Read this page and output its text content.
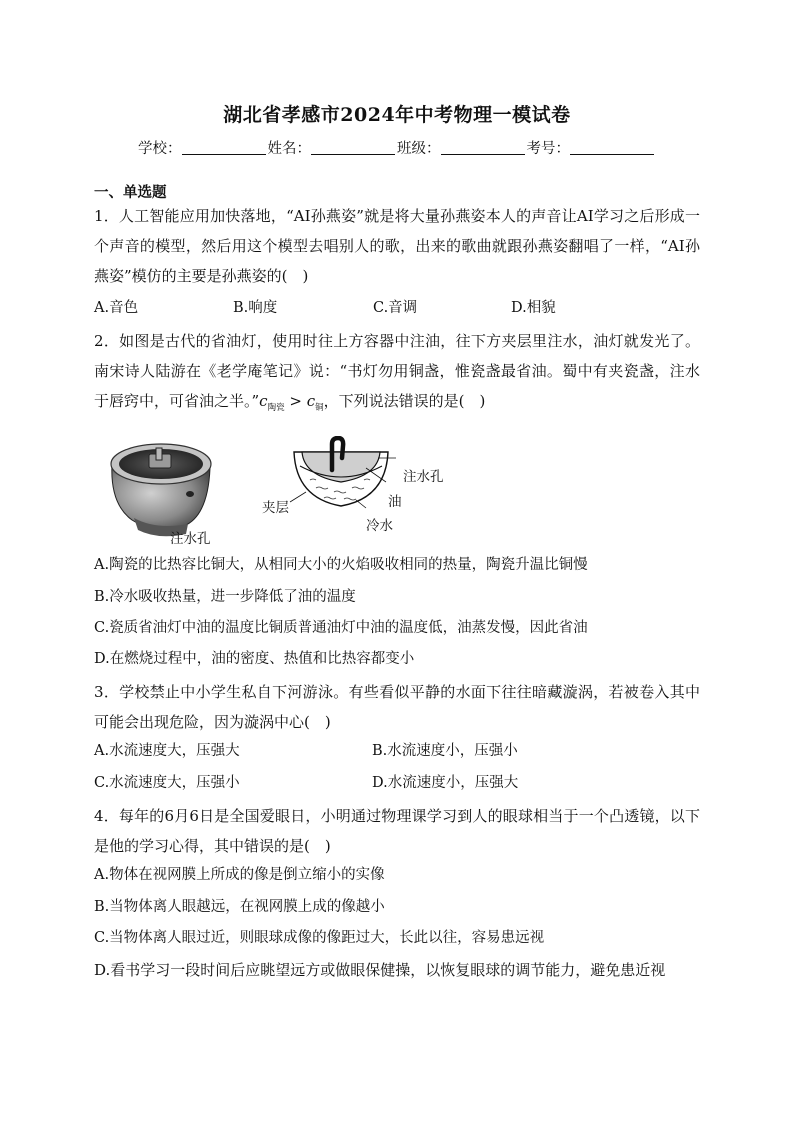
湖北省孝感市2024年中考物理一模试卷
学校：	姓名：	班级：	考号：
一、单选题
1．人工智能应用加快落地，“AI孙燕姿”就是将大量孙燕姿本人的声音让AI学习之后形成一个声音的模型，然后用这个模型去唱别人的歌，出来的歌曲就跟孙燕姿翻唱了一样，“AI孙燕姿”模仿的主要是孙燕姿的(　)
A.音色	B.响度	C.音调	D.相貌
2．如图是古代的省油灯，使用时往上方容器中注油，往下方夹层里注水，油灯就发光了。南宋诗人陆游在《老学庵笔记》说：“书灯勿用铜盏，惟瓷盏最省油。蜀中有夹瓷盏，注水于唇窍中，可省油之半。$”c_{陶瓷} > c_铜$，下列说法错误的是(　)
注水孔
注水孔
油
夹层
冷水
A.陶瓷的比热容比铜大，从相同大小的火焰吸收相同的热量，陶瓷升温比铜慢
B.冷水吸收热量，进一步降低了油的温度
C.瓷质省油灯中油的温度比铜质普通油灯中油的温度低，油蒸发慢，因此省油
D.在燃烧过程中，油的密度、热值和比热容都变小
3．学校禁止中小学生私自下河游泳。有些看似平静的水面下往往暗藏漩涡，若被卷入其中可能会出现危险，因为漩涡中心(　)
A.水流速度大，压强大	B.水流速度小，压强小
C.水流速度大，压强小	D.水流速度小，压强大
4．每年的6月6日是全国爱眼日，小明通过物理课学习到人的眼球相当于一个凸透镜，以下是他的学习心得，其中错误的是(　)
A.物体在视网膜上所成的像是倒立缩小的实像
B.当物体离人眼越远，在视网膜上成的像越小
C.当物体离人眼过近，则眼球成像的像距过大，长此以往，容易患远视
D.看书学习一段时间后应眺望远方或做眼保健操，以恢复眼球的调节能力，避免患近视
